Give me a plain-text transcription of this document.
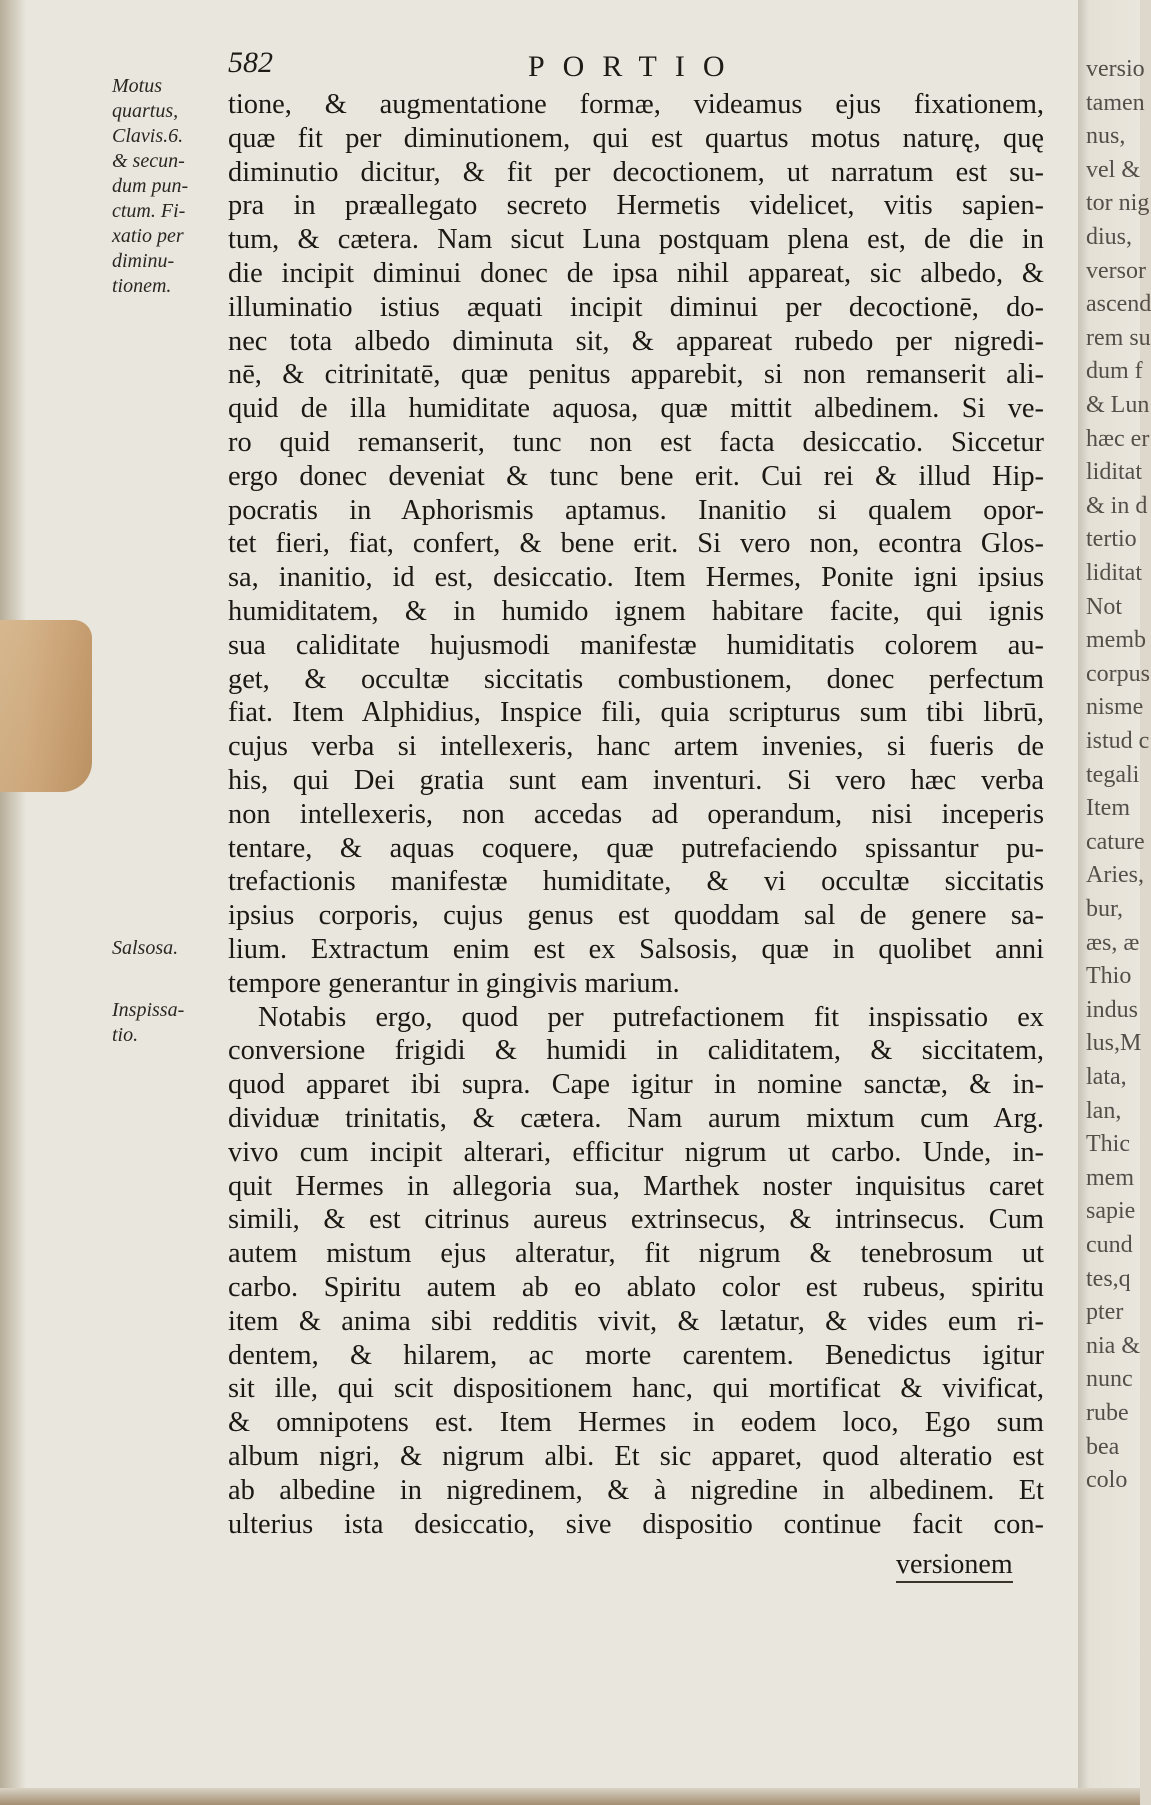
582	PORTIO
Motus
quartus,
Clavis.6.
& secun-
dum pun-
ctum. Fi-
xatio per
diminu-
tionem.
Salsosa.
Inspissa-
tio.
tione, & augmentatione formæ, videamus ejus fixationem,
quæ fit per diminutionem, qui est quartus motus naturę, quę
diminutio dicitur, & fit per decoctionem, ut narratum est su-
pra in præallegato secreto Hermetis videlicet, vitis sapien-
tum, & cætera. Nam sicut Luna postquam plena est, de die in
die incipit diminui donec de ipsa nihil appareat, sic albedo, &
illuminatio istius æquati incipit diminui per decoctionē, do-
nec tota albedo diminuta sit, & appareat rubedo per nigredi-
nē, & citrinitatē, quæ penitus apparebit, si non remanserit ali-
quid de illa humiditate aquosa, quæ mittit albedinem. Si ve-
ro quid remanserit, tunc non est facta desiccatio. Siccetur
ergo donec deveniat & tunc bene erit. Cui rei & illud Hip-
pocratis in Aphorismis aptamus. Inanitio si qualem opor-
tet fieri, fiat, confert, & bene erit. Si vero non, econtra Glos-
sa, inanitio, id est, desiccatio. Item Hermes, Ponite igni ipsius
humiditatem, & in humido ignem habitare facite, qui ignis
sua caliditate hujusmodi manifestæ humiditatis colorem au-
get, & occultæ siccitatis combustionem, donec perfectum
fiat. Item Alphidius, Inspice fili, quia scripturus sum tibi librū,
cujus verba si intellexeris, hanc artem invenies, si fueris de
his, qui Dei gratia sunt eam inventuri. Si vero hæc verba
non intellexeris, non accedas ad operandum, nisi inceperis
tentare, & aquas coquere, quæ putrefaciendo spissantur pu-
trefactionis manifestæ humiditate, & vi occultæ siccitatis
ipsius corporis, cujus genus est quoddam sal de genere sa-
lium. Extractum enim est ex Salsosis, quæ in quolibet anni
tempore generantur in gingivis marium.
Notabis ergo, quod per putrefactionem fit inspissatio ex
conversione frigidi & humidi in caliditatem, & siccitatem,
quod apparet ibi supra. Cape igitur in nomine sanctæ, & in-
dividuæ trinitatis, & cætera. Nam aurum mixtum cum Arg.
vivo cum incipit alterari, efficitur nigrum ut carbo. Unde, in-
quit Hermes in allegoria sua, Marthek noster inquisitus caret
simili, & est citrinus aureus extrinsecus, & intrinsecus. Cum
autem mistum ejus alteratur, fit nigrum & tenebrosum ut
carbo. Spiritu autem ab eo ablato color est rubeus, spiritu
item & anima sibi redditis vivit, & lætatur, & vides eum ri-
dentem, & hilarem, ac morte carentem. Benedictus igitur
sit ille, qui scit dispositionem hanc, qui mortificat & vivificat,
& omnipotens est. Item Hermes in eodem loco, Ego sum
album nigri, & nigrum albi. Et sic apparet, quod alteratio est
ab albedine in nigredinem, & à nigredine in albedinem. Et
ulterius ista desiccatio, sive dispositio continue facit con-
versionem
versio
tamen
nus,
vel &
tor nig
dius,
versor
ascend
rem su
dum f
& Lun
hæc er
liditat
& in d
tertio
liditat
Not
memb
corpus
nisme
istud c
tegali
Item
cature
Aries,
bur,
æs, æ
Thio
indus
lus,M
lata,
lan,
Thic
mem
sapie
cund
tes,q
pter
nia &
nunc
rube
bea
colo
